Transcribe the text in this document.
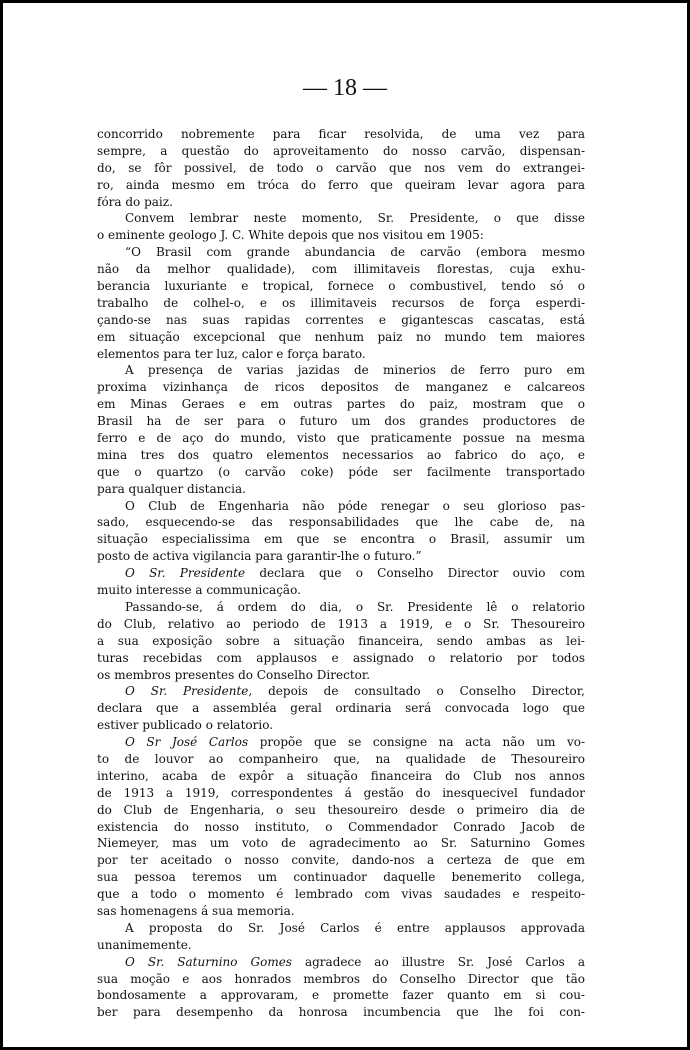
— 18 —
concorrido nobremente para ficar resolvida, de uma vez para
sempre, a questão do aproveitamento do nosso carvão, dispensan-
do, se fôr possivel, de todo o carvão que nos vem do extrangei-
ro, ainda mesmo em tróca do ferro que queiram levar agora para
fóra do paiz.
Convem lembrar neste momento, Sr. Presidente, o que disse
o eminente geologo J. C. White depois que nos visitou em 1905:
“O Brasil com grande abundancia de carvão (embora mesmo
não da melhor qualidade), com illimitaveis florestas, cuja exhu-
berancia luxuriante e tropical, fornece o combustivel, tendo só o
trabalho de colhel-o, e os illimitaveis recursos de força esperdi-
çando-se nas suas rapidas correntes e gigantescas cascatas, está
em situação excepcional que nenhum paiz no mundo tem maiores
elementos para ter luz, calor e força barato.
A presença de varias jazidas de minerios de ferro puro em
proxima vizinhança de ricos depositos de manganez e calcareos
em Minas Geraes e em outras partes do paiz, mostram que o
Brasil ha de ser para o futuro um dos grandes productores de
ferro e de aço do mundo, visto que praticamente possue na mesma
mina tres dos quatro elementos necessarios ao fabrico do aço, e
que o quartzo (o carvão coke) póde ser facilmente transportado
para qualquer distancia.
O Club de Engenharia não póde renegar o seu glorioso pas-
sado, esquecendo-se das responsabilidades que lhe cabe de, na
situação especialissima em que se encontra o Brasil, assumir um
posto de activa vigilancia para garantir-lhe o futuro.”
O Sr. Presidente declara que o Conselho Director ouvio com
muito interesse a communicação.
Passando-se, á ordem do dia, o Sr. Presidente lê o relatorio
do Club, relativo ao periodo de 1913 a 1919, e o Sr. Thesoureiro
a sua exposição sobre a situação financeira, sendo ambas as lei-
turas recebidas com applausos e assignado o relatorio por todos
os membros presentes do Conselho Director.
O Sr. Presidente, depois de consultado o Conselho Director,
declara que a assembléa geral ordinaria será convocada logo que
estiver publicado o relatorio.
O Sr José Carlos propõe que se consigne na acta não um vo-
to de louvor ao companheiro que, na qualidade de Thesoureiro
interino, acaba de expôr a situação financeira do Club nos annos
de 1913 a 1919, correspondentes á gestão do inesquecivel fundador
do Club de Engenharia, o seu thesoureiro desde o primeiro dia de
existencia do nosso instituto, o Commendador Conrado Jacob de
Niemeyer, mas um voto de agradecimento ao Sr. Saturnino Gomes
por ter aceitado o nosso convite, dando-nos a certeza de que em
sua pessoa teremos um continuador daquelle benemerito collega,
que a todo o momento é lembrado com vivas saudades e respeito-
sas homenagens á sua memoria.
A proposta do Sr. José Carlos é entre applausos approvada
unanimemente.
O Sr. Saturnino Gomes agradece ao illustre Sr. José Carlos a
sua moção e aos honrados membros do Conselho Director que tão
bondosamente a approvaram, e promette fazer quanto em si cou-
ber para desempenho da honrosa incumbencia que lhe foi con-
